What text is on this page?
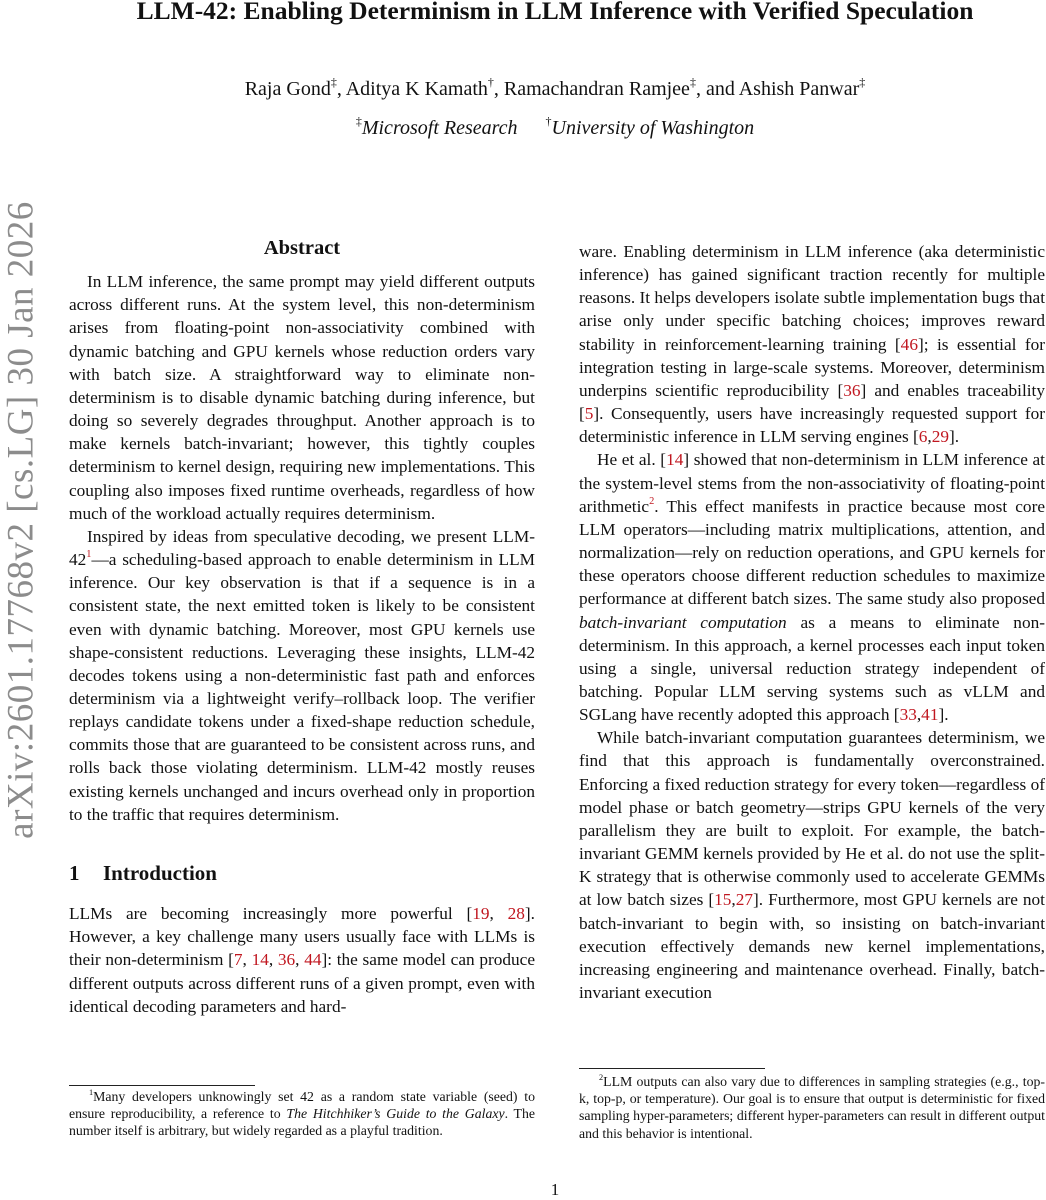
LLM-42: Enabling Determinism in LLM Inference with Verified Speculation
Raja Gond‡, Aditya K Kamath†, Ramachandran Ramjee‡, and Ashish Panwar‡
‡Microsoft Research †University of Washington
arXiv:2601.17768v2 [cs.LG] 30 Jan 2026	Abstract

In LLM inference, the same prompt may yield different outputs across different runs. At the system level, this non-determinism arises from floating-point non-associativity combined with dynamic batching and GPU kernels whose reduction orders vary with batch size. A straightforward way to eliminate non-determinism is to disable dynamic batching during inference, but doing so severely degrades throughput. Another approach is to make kernels batch-invariant; however, this tightly couples determinism to kernel design, requiring new implementations. This coupling also imposes fixed runtime overheads, regardless of how much of the workload actually requires determinism.

Inspired by ideas from speculative decoding, we present LLM-42$^1$—a scheduling-based approach to enable determinism in LLM inference. Our key observation is that if a sequence is in a consistent state, the next emitted token is likely to be consistent even with dynamic batching. Moreover, most GPU kernels use shape-consistent reductions. Leveraging these insights, LLM-42 decodes tokens using a non-deterministic fast path and enforces determinism via a lightweight verify–rollback loop. The verifier replays candidate tokens under a fixed-shape reduction schedule, commits those that are guaranteed to be consistent across runs, and rolls back those violating determinism. LLM-42 mostly reuses existing kernels unchanged and incurs overhead only in proportion to the traffic that requires determinism.

1 Introduction

LLMs are becoming increasingly more powerful [19, 28]. However, a key challenge many users usually face with LLMs is their non-determinism [7, 14, 36, 44]: the same model can produce different outputs across different runs of a given prompt, even with identical decoding parameters and hard-

ware. Enabling determinism in LLM inference (aka deterministic inference) has gained significant traction recently for multiple reasons. It helps developers isolate subtle implementation bugs that arise only under specific batching choices; improves reward stability in reinforcement-learning training [46]; is essential for integration testing in large-scale systems. Moreover, determinism underpins scientific reproducibility [36] and enables traceability [5]. Consequently, users have increasingly requested support for deterministic inference in LLM serving engines [6,29].

He et al. [14] showed that non-determinism in LLM inference at the system-level stems from the non-associativity of floating-point arithmetic$^2$. This effect manifests in practice because most core LLM operators—including matrix multiplications, attention, and normalization—rely on reduction operations, and GPU kernels for these operators choose different reduction schedules to maximize performance at different batch sizes. The same study also proposed batch-invariant computation as a means to eliminate non-determinism. In this approach, a kernel processes each input token using a single, universal reduction strategy independent of batching. Popular LLM serving systems such as vLLM and SGLang have recently adopted this approach [33,41].

While batch-invariant computation guarantees determinism, we find that this approach is fundamentally overconstrained. Enforcing a fixed reduction strategy for every token—regardless of model phase or batch geometry—strips GPU kernels of the very parallelism they are built to exploit. For example, the batch-invariant GEMM kernels provided by He et al. do not use the split-K strategy that is otherwise commonly used to accelerate GEMMs at low batch sizes [15,27]. Furthermore, most GPU kernels are not batch-invariant to begin with, so insisting on batch-invariant execution effectively demands new kernel implementations, increasing engineering and maintenance overhead. Finally, batch-invariant execution

$^1$Many developers unknowingly set 42 as a random state variable (seed) to ensure reproducibility, a reference to The Hitchhiker’s Guide to the Galaxy. The number itself is arbitrary, but widely regarded as a playful tradition.

$^2$LLM outputs can also vary due to differences in sampling strategies (e.g., top-k, top-p, or temperature). Our goal is to ensure that output is deterministic for fixed sampling hyper-parameters; different hyper-parameters can result in different output and this behavior is intentional.

1
